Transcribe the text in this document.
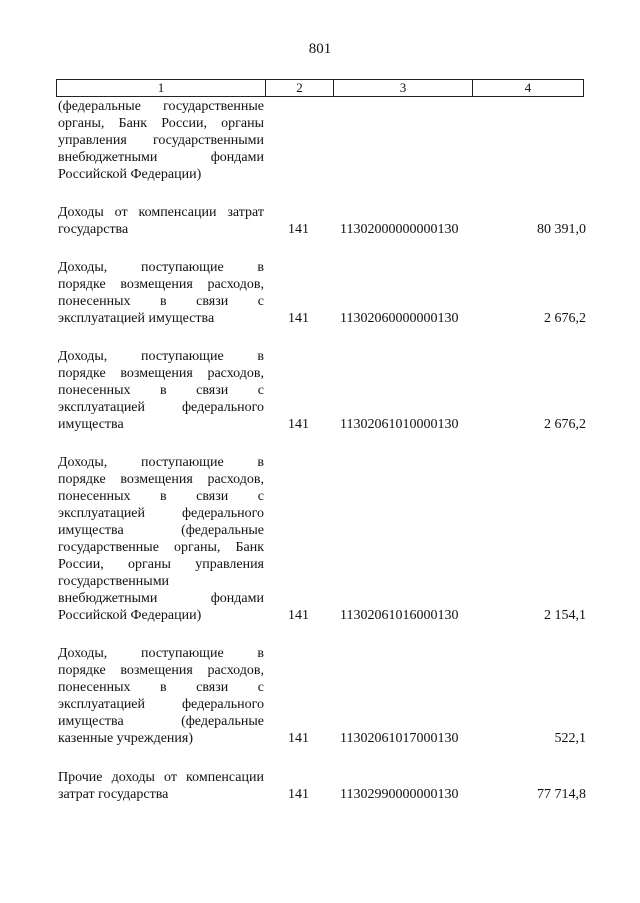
801
1	2	3	4
(федеральные государственные
органы, Банк России, органы
управления государственными
внебюджетными фондами
Российской Федерации)
Доходы от компенсации затрат
государства	141	11302000000000130	80 391,0
Доходы, поступающие в
порядке возмещения расходов,
понесенных в связи с
эксплуатацией имущества	141	11302060000000130	2 676,2
Доходы, поступающие в
порядке возмещения расходов,
понесенных в связи с
эксплуатацией федерального
имущества	141	11302061010000130	2 676,2
Доходы, поступающие в
порядке возмещения расходов,
понесенных в связи с
эксплуатацией федерального
имущества (федеральные
государственные органы, Банк
России, органы управления
государственными
внебюджетными фондами
Российской Федерации)	141	11302061016000130	2 154,1
Доходы, поступающие в
порядке возмещения расходов,
понесенных в связи с
эксплуатацией федерального
имущества (федеральные
казенные учреждения)	141	11302061017000130	522,1
Прочие доходы от компенсации
затрат государства	141	11302990000000130	77 714,8
